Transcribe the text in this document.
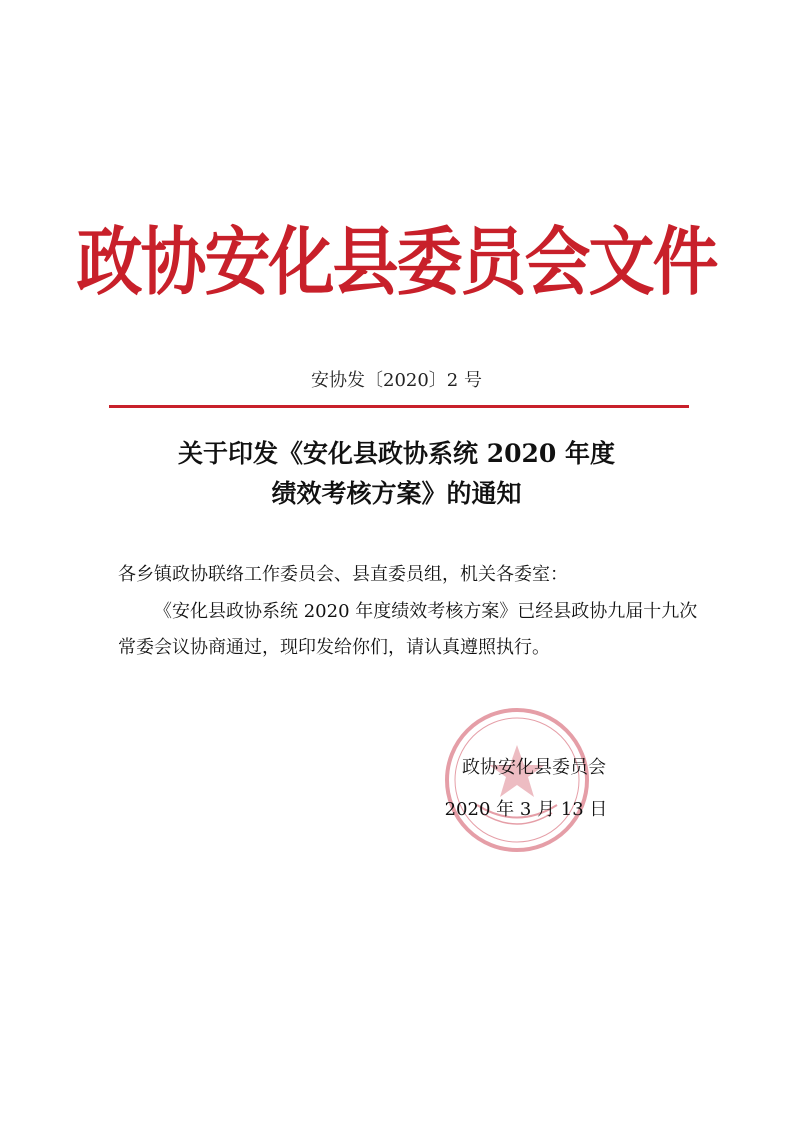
政协安化县委员会文件
安协发〔2020〕2 号
关于印发《安化县政协系统 2020 年度
绩效考核方案》的通知
各乡镇政协联络工作委员会、县直委员组，机关各委室：
《安化县政协系统 2020 年度绩效考核方案》已经县政协九届十九次常委会议协商通过，现印发给你们，请认真遵照执行。
政协安化县委员会
2020 年 3 月 13 日
